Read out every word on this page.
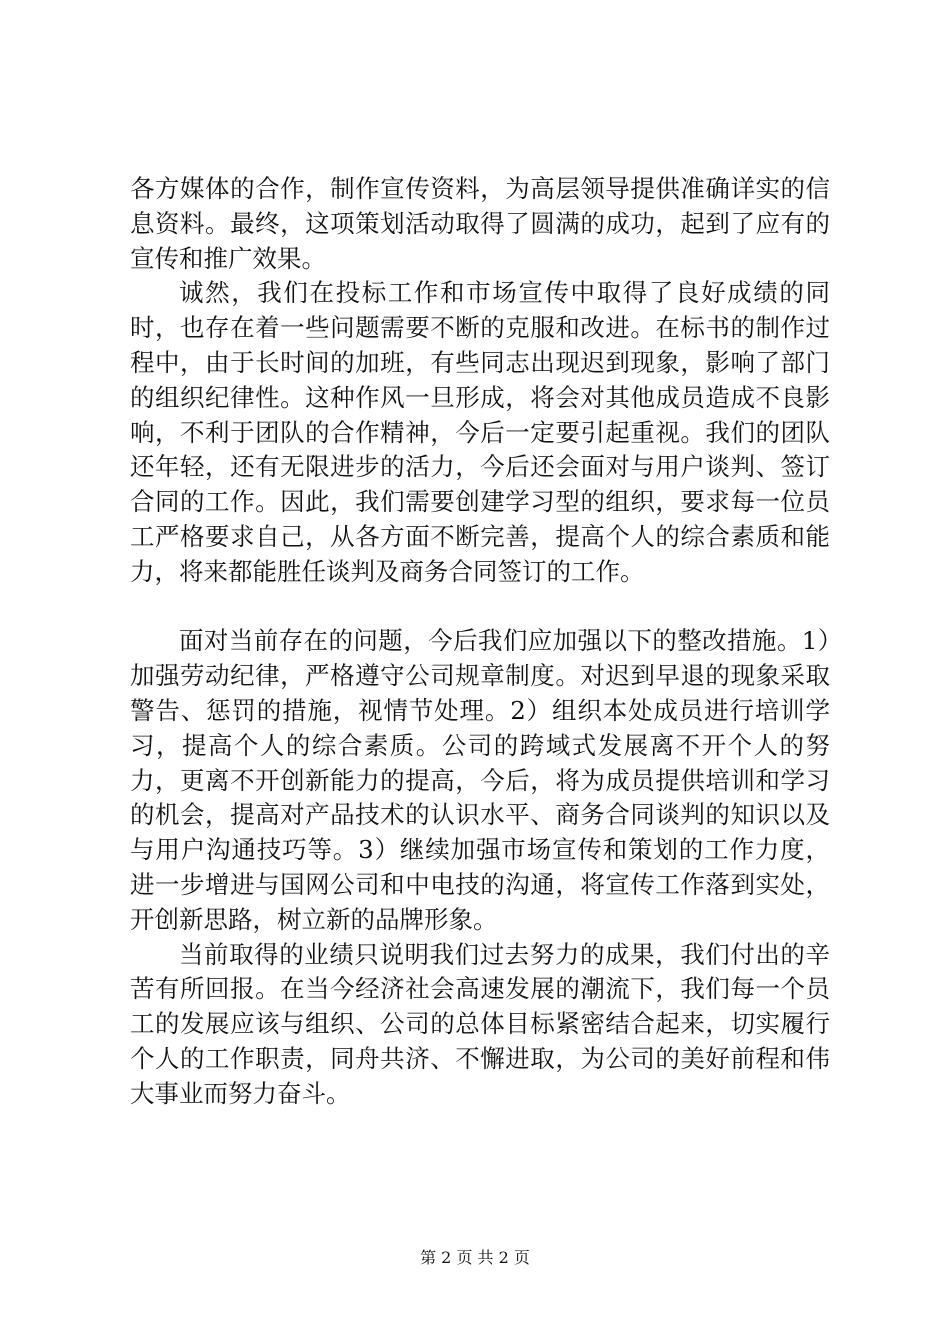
各方媒体的合作，制作宣传资料，为高层领导提供准确详实的信息资料。最终，这项策划活动取得了圆满的成功，起到了应有的宣传和推广效果。

诚然，我们在投标工作和市场宣传中取得了良好成绩的同时，也存在着一些问题需要不断的克服和改进。在标书的制作过程中，由于长时间的加班，有些同志出现迟到现象，影响了部门的组织纪律性。这种作风一旦形成，将会对其他成员造成不良影响，不利于团队的合作精神，今后一定要引起重视。我们的团队还年轻，还有无限进步的活力，今后还会面对与用户谈判、签订合同的工作。因此，我们需要创建学习型的组织，要求每一位员工严格要求自己，从各方面不断完善，提高个人的综合素质和能力，将来都能胜任谈判及商务合同签订的工作。

面对当前存在的问题，今后我们应加强以下的整改措施。1）加强劳动纪律，严格遵守公司规章制度。对迟到早退的现象采取警告、惩罚的措施，视情节处理。2）组织本处成员进行培训学习，提高个人的综合素质。公司的跨域式发展离不开个人的努力，更离不开创新能力的提高，今后，将为成员提供培训和学习的机会，提高对产品技术的认识水平、商务合同谈判的知识以及与用户沟通技巧等。3）继续加强市场宣传和策划的工作力度，进一步增进与国网公司和中电技的沟通，将宣传工作落到实处，开创新思路，树立新的品牌形象。

当前取得的业绩只说明我们过去努力的成果，我们付出的辛苦有所回报。在当今经济社会高速发展的潮流下，我们每一个员工的发展应该与组织、公司的总体目标紧密结合起来，切实履行个人的工作职责，同舟共济、不懈进取，为公司的美好前程和伟大事业而努力奋斗。

第 2 页 共 2 页
